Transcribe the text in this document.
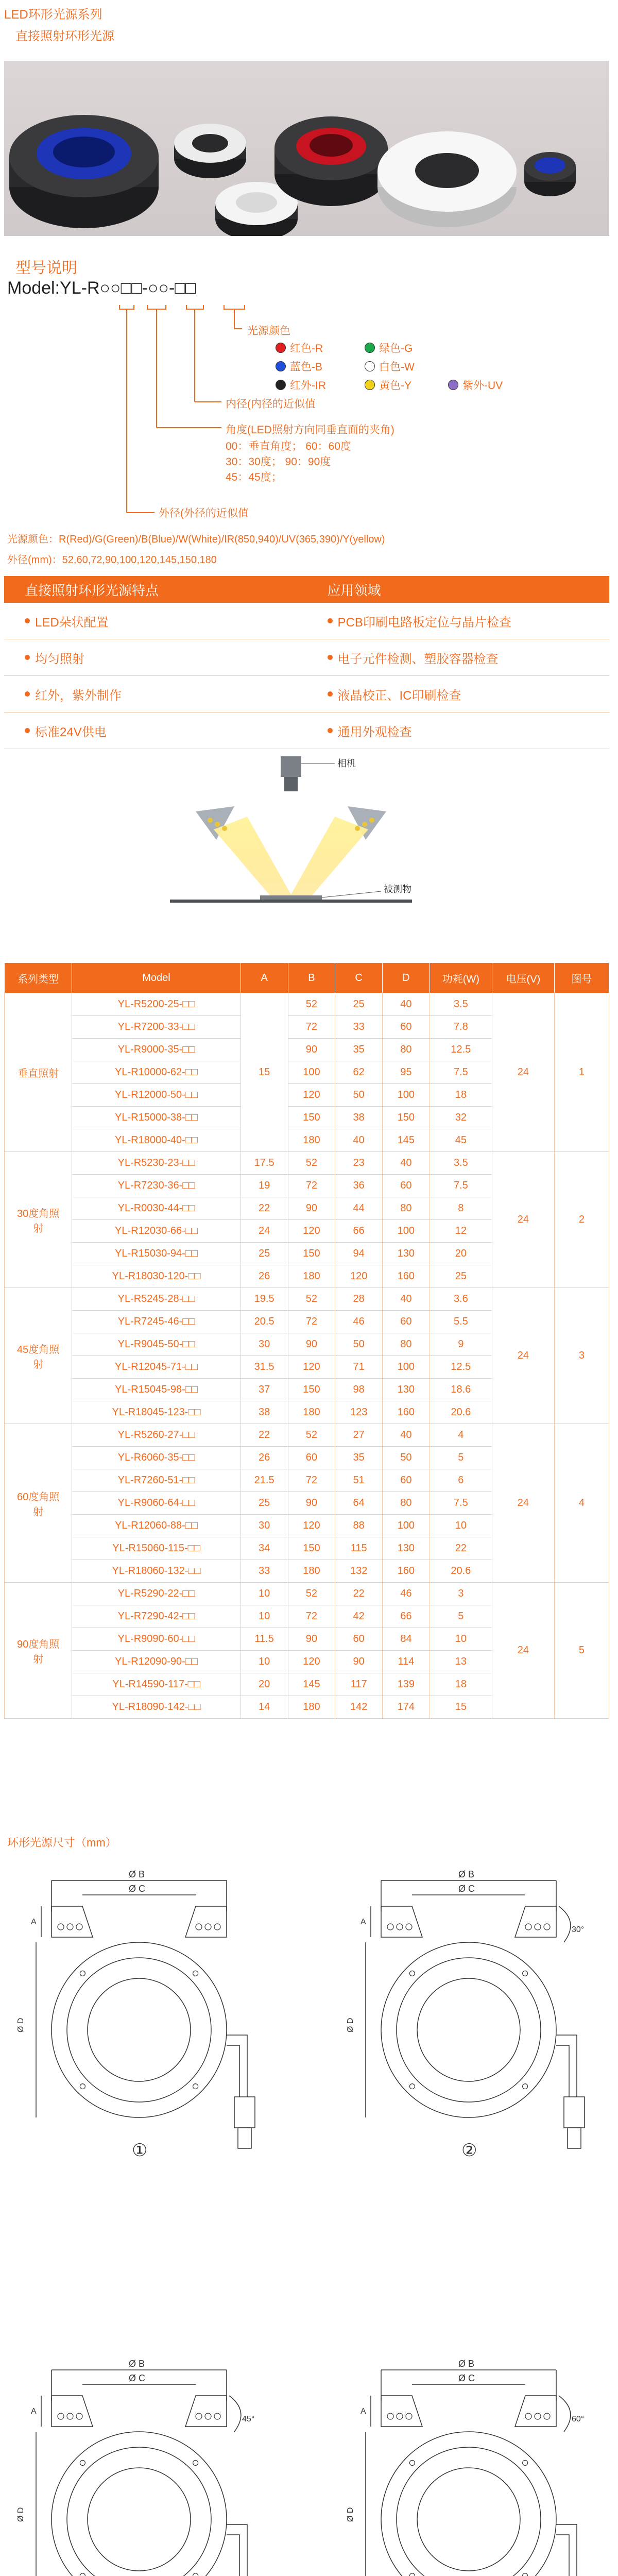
LED环形光源系列
直接照射环形光源
型号说明
Model:YL-R○○□□-○○-□□
光源颜色
红色-R	绿色-G
蓝色-B	白色-W
红外-IR	黄色-Y	紫外-UV
内径(内径的近似值
角度(LED照射方向同垂直面的夹角)
00：垂直角度； 60：60度
30：30度； 90：90度
45：45度；
外径(外径的近似值
光源颜色：R(Red)/G(Green)/B(Blue)/W(White)/IR(850,940)/UV(365,390)/Y(yellow)
外径(mm)：52,60,72,90,100,120,145,150,180
直接照射环形光源特点	应用领域
LED朵状配置	PCB印刷电路板定位与晶片检查
均匀照射	电子元件检测、塑胶容器检查
红外，紫外制作	液晶校正、IC印刷检查
标准24V供电	通用外观检查
相机
被测物
系列类型	Model	A	B	C	D	功耗(W)	电压(V)	图号
垂直照射	YL-R5200-25-□□	15	52	25	40	3.5	24	1
	YL-R7200-33-□□		72	33	60	7.8		
	YL-R9000-35-□□		90	35	80	12.5		
	YL-R10000-62-□□		100	62	95	7.5		
	YL-R12000-50-□□		120	50	100	18		
	YL-R15000-38-□□		150	38	150	32		
	YL-R18000-40-□□		180	40	145	45		
30度角照射	YL-R5230-23-□□	17.5	52	23	40	3.5	24	2
	YL-R7230-36-□□	19	72	36	60	7.5		
	YL-R0030-44-□□	22	90	44	80	8		
	YL-R12030-66-□□	24	120	66	100	12		
	YL-R15030-94-□□	25	150	94	130	20		
	YL-R18030-120-□□	26	180	120	160	25		
45度角照射	YL-R5245-28-□□	19.5	52	28	40	3.6	24	3
	YL-R7245-46-□□	20.5	72	46	60	5.5		
	YL-R9045-50-□□	30	90	50	80	9		
	YL-R12045-71-□□	31.5	120	71	100	12.5		
	YL-R15045-98-□□	37	150	98	130	18.6		
	YL-R18045-123-□□	38	180	123	160	20.6		
60度角照射	YL-R5260-27-□□	22	52	27	40	4	24	4
	YL-R6060-35-□□	26	60	35	50	5		
	YL-R7260-51-□□	21.5	72	51	60	6		
	YL-R9060-64-□□	25	90	64	80	7.5		
	YL-R12060-88-□□	30	120	88	100	10		
	YL-R15060-115-□□	34	150	115	130	22		
	YL-R18060-132-□□	33	180	132	160	20.6		
90度角照射	YL-R5290-22-□□	10	52	22	46	3	24	5
	YL-R7290-42-□□	10	72	42	66	5		
	YL-R9090-60-□□	11.5	90	60	84	10		
	YL-R12090-90-□□	10	120	90	114	13		
	YL-R14590-117-□□	20	145	117	139	18		
	YL-R18090-142-□□	14	180	142	174	15		
环形光源尺寸（mm）
Ø B
Ø C
A
Ø D
①
Ø B
Ø C
A
30°
Ø D
②
Ø B
Ø C
A
45°
Ø D
Ø B
Ø C
A
60°
Ø D
